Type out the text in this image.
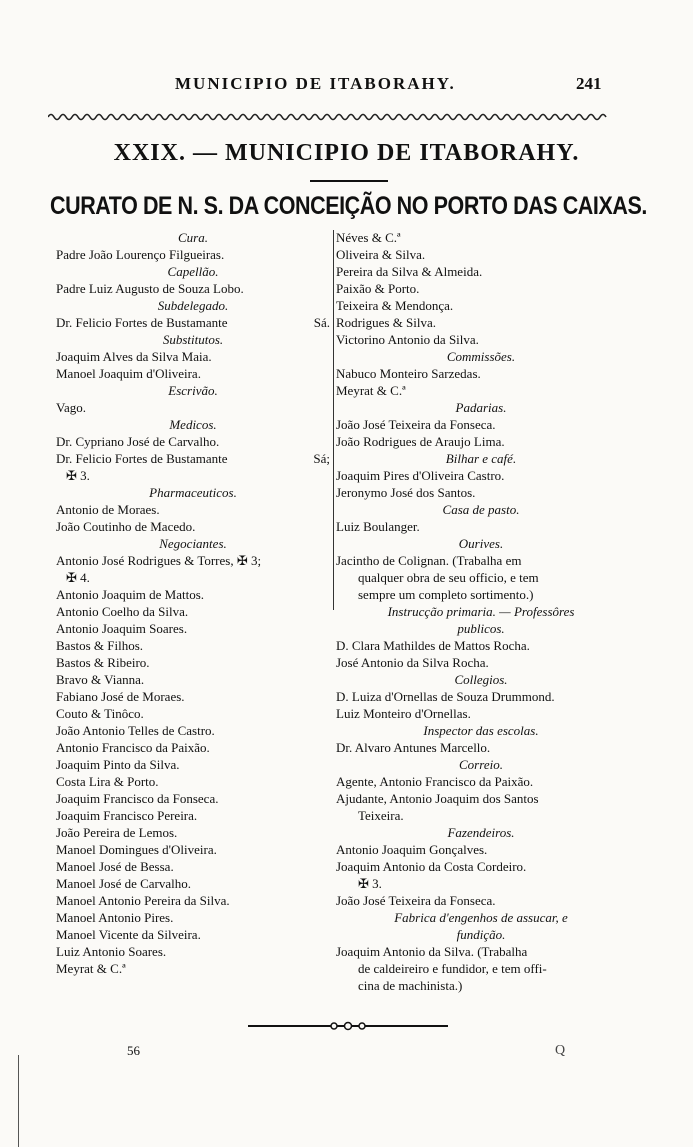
MUNICIPIO DE ITABORAHY.	241
XXIX. — MUNICIPIO DE ITABORAHY.
CURATO DE N. S. DA CONCEIÇÃO NO PORTO DAS CAIXAS.
Cura.
Padre João Lourenço Filgueiras.
Capellão.
Padre Luiz Augusto de Souza Lobo.
Subdelegado.
Dr. Felicio Fortes de Bustamante	Sá.
Substitutos.
Joaquim Alves da Silva Maia.
Manoel Joaquim d'Oliveira.
Escrivão.
Vago.
Medicos.
Dr. Cypriano José de Carvalho.
Dr. Felicio Fortes de Bustamante	Sá;
✠ 3.
Pharmaceuticos.
Antonio de Moraes.
João Coutinho de Macedo.
Negociantes.
Antonio José Rodrigues & Torres, ✠ 3;
✠ 4.
Antonio Joaquim de Mattos.
Antonio Coelho da Silva.
Antonio Joaquim Soares.
Bastos & Filhos.
Bastos & Ribeiro.
Bravo & Vianna.
Fabiano José de Moraes.
Couto & Tinôco.
João Antonio Telles de Castro.
Antonio Francisco da Paixão.
Joaquim Pinto da Silva.
Costa Lira & Porto.
Joaquim Francisco da Fonseca.
Joaquim Francisco Pereira.
João Pereira de Lemos.
Manoel Domingues d'Oliveira.
Manoel José de Bessa.
Manoel José de Carvalho.
Manoel Antonio Pereira da Silva.
Manoel Antonio Pires.
Manoel Vicente da Silveira.
Luiz Antonio Soares.
Meyrat & C.ª
Néves & C.ª
Oliveira & Silva.
Pereira da Silva & Almeida.
Paixão & Porto.
Teixeira & Mendonça.
Rodrigues & Silva.
Victorino Antonio da Silva.
Commissões.
Nabuco Monteiro Sarzedas.
Meyrat & C.ª
Padarias.
João José Teixeira da Fonseca.
João Rodrigues de Araujo Lima.
Bilhar e café.
Joaquim Pires d'Oliveira Castro.
Jeronymo José dos Santos.
Casa de pasto.
Luiz Boulanger.
Ourives.
Jacintho de Colignan. (Trabalha em
qualquer obra de seu officio, e tem
sempre um completo sortimento.)
Instrucção primaria. — Professôres
publicos.
D. Clara Mathildes de Mattos Rocha.
José Antonio da Silva Rocha.
Collegios.
D. Luiza d'Ornellas de Souza Drummond.
Luiz Monteiro d'Ornellas.
Inspector das escolas.
Dr. Alvaro Antunes Marcello.
Correio.
Agente, Antonio Francisco da Paixão.
Ajudante, Antonio Joaquim dos Santos
Teixeira.
Fazendeiros.
Antonio Joaquim Gonçalves.
Joaquim Antonio da Costa Cordeiro.
✠ 3.
João José Teixeira da Fonseca.
Fabrica d'engenhos de assucar, e
fundição.
Joaquim Antonio da Silva. (Trabalha
de caldeireiro e fundidor, e tem offi-
cina de machinista.)
56	Q
